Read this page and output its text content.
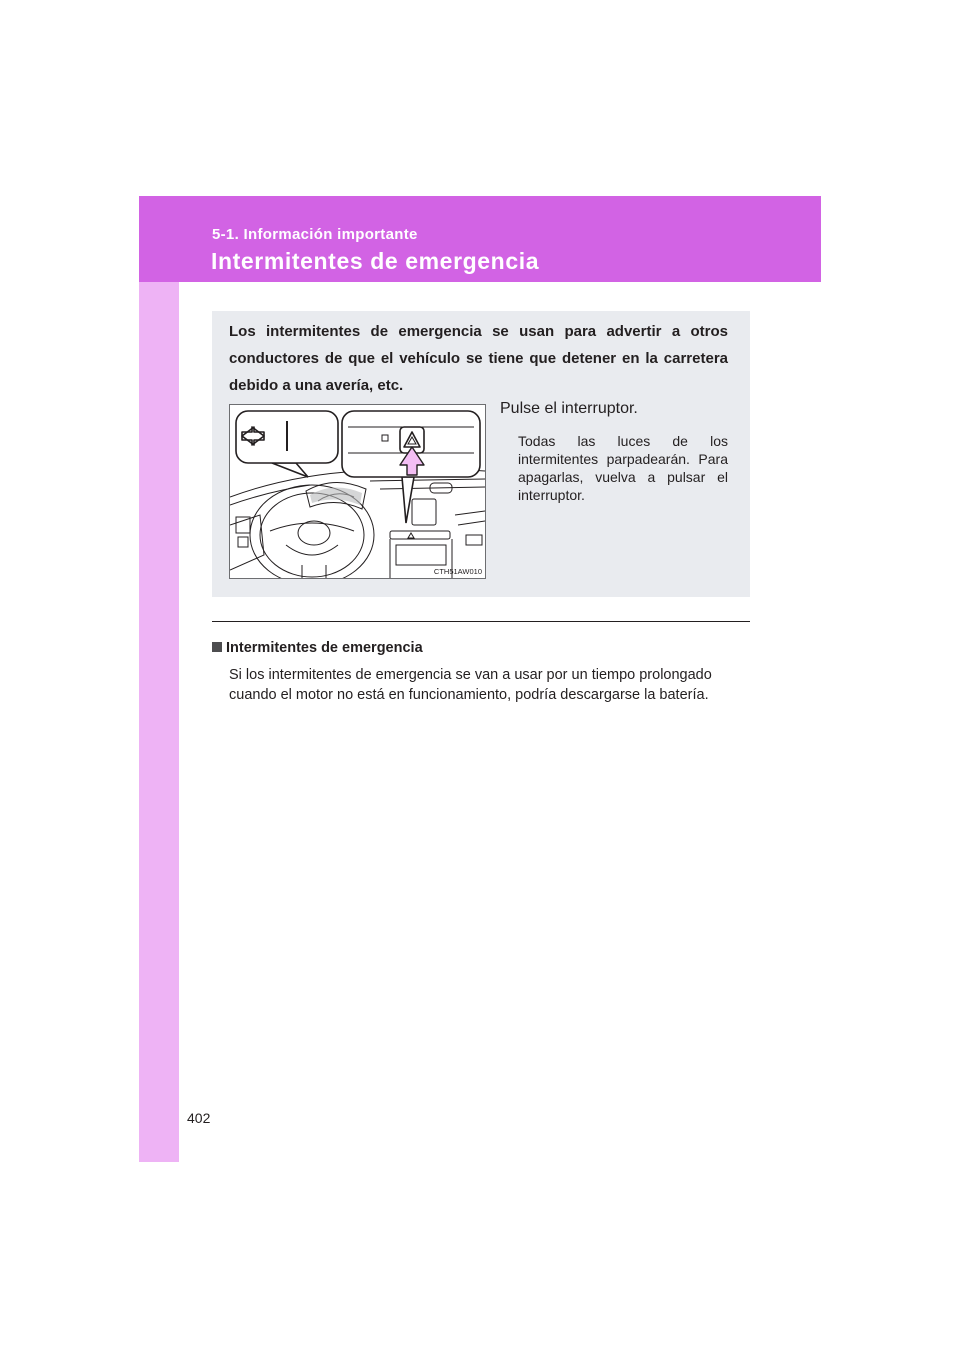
5-1. Información importante
Intermitentes de emergencia
Los intermitentes de emergencia se usan para advertir a otros conductores de que el vehículo se tiene que detener en la carretera debido a una avería, etc.
CTH51AW010
Pulse el interruptor.
Todas las luces de los intermitentes parpadearán. Para apagarlas, vuelva a pulsar el interruptor.
Intermitentes de emergencia
Si los intermitentes de emergencia se van a usar por un tiempo prolongado cuando el motor no está en funcionamiento, podría descargarse la batería.
402
